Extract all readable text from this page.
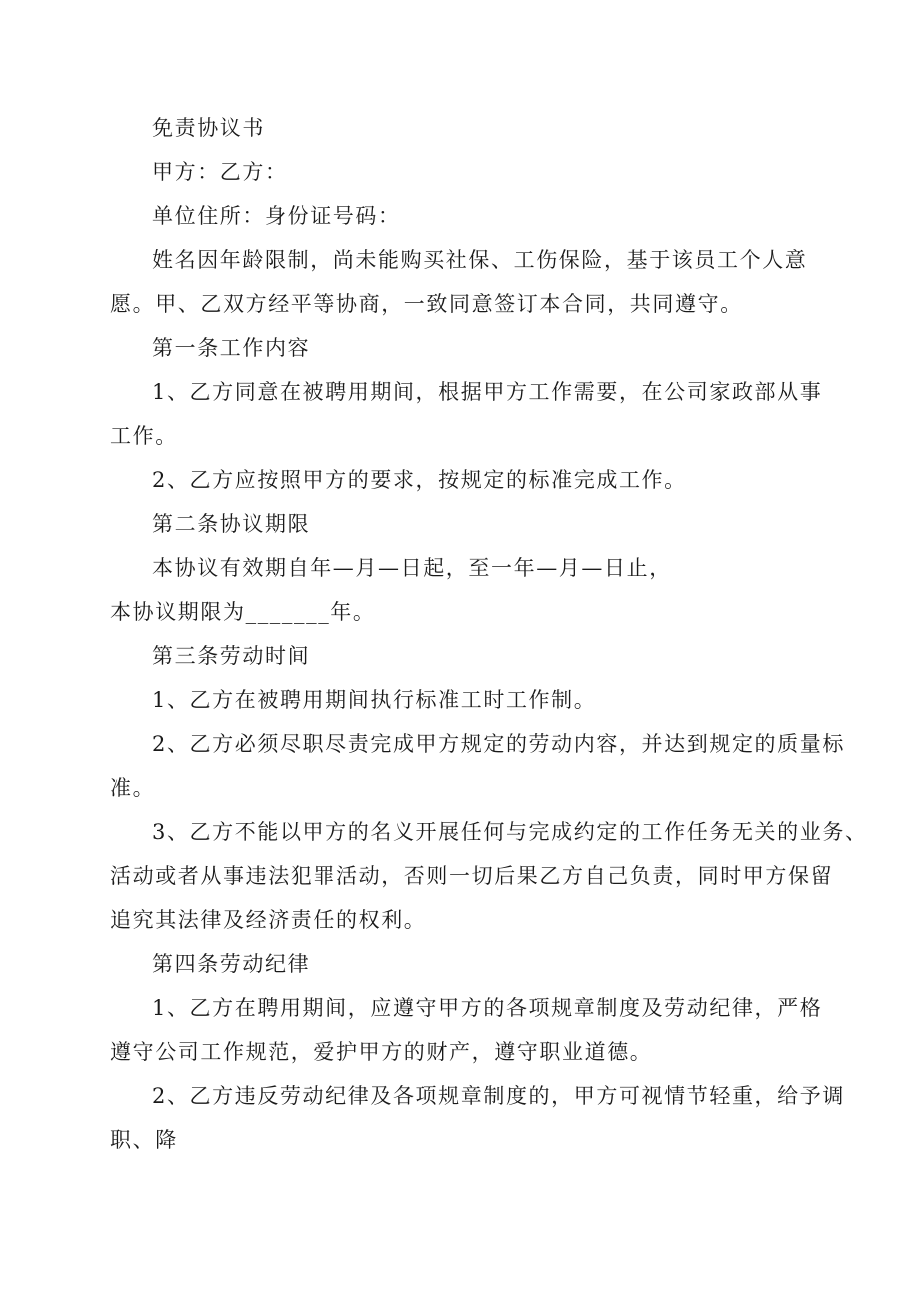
免责协议书

甲方：乙方：

单位住所：身份证号码：

姓名因年龄限制，尚未能购买社保、工伤保险，基于该员工个人意

愿。甲、乙双方经平等协商，一致同意签订本合同，共同遵守。

第一条工作内容

1、乙方同意在被聘用期间，根据甲方工作需要，在公司家政部从事

工作。

2、乙方应按照甲方的要求，按规定的标准完成工作。

第二条协议期限

本协议有效期自年—月—日起，至一年—月—日止，

本协议期限为_______年。

第三条劳动时间

1、乙方在被聘用期间执行标准工时工作制。

2、乙方必须尽职尽责完成甲方规定的劳动内容，并达到规定的质量标

准。

3、乙方不能以甲方的名义开展任何与完成约定的工作任务无关的业务、

活动或者从事违法犯罪活动，否则一切后果乙方自己负责，同时甲方保留

追究其法律及经济责任的权利。

第四条劳动纪律

1、乙方在聘用期间，应遵守甲方的各项规章制度及劳动纪律，严格

遵守公司工作规范，爱护甲方的财产，遵守职业道德。

2、乙方违反劳动纪律及各项规章制度的，甲方可视情节轻重，给予调

职、降
